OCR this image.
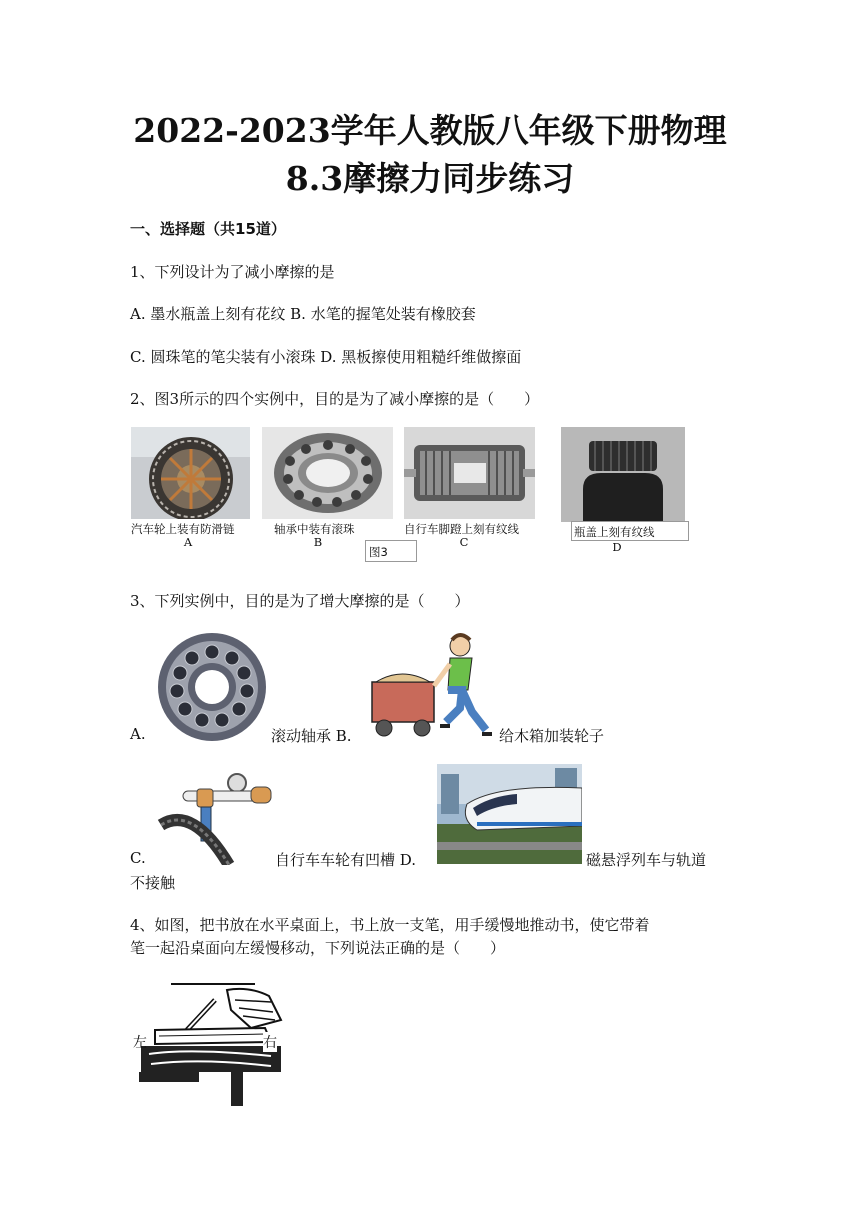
2022-2023学年人教版八年级下册物理
8.3摩擦力同步练习
一、选择题（共15道）
1、下列设计为了减小摩擦的是
A. 墨水瓶盖上刻有花纹 B. 水笔的握笔处装有橡胶套
C. 圆珠笔的笔尖装有小滚珠 D. 黑板擦使用粗糙纤维做擦面
2、图3所示的四个实例中，目的是为了减小摩擦的是（　　）
汽车轮上装有防滑链
A
轴承中装有滚珠
B
自行车脚蹬上刻有纹线
C
图3
瓶盖上刻有纹线
D
3、下列实例中，目的是为了增大摩擦的是（　　）
A.	滚动轴承 B.	给木箱加装轮子
C.	自行车车轮有凹槽 D.	磁悬浮列车与轨道
不接触
4、如图，把书放在水平桌面上，书上放一支笔，用手缓慢地推动书，使它带着
笔一起沿桌面向左缓慢移动，下列说法正确的是（　　）
左	右
